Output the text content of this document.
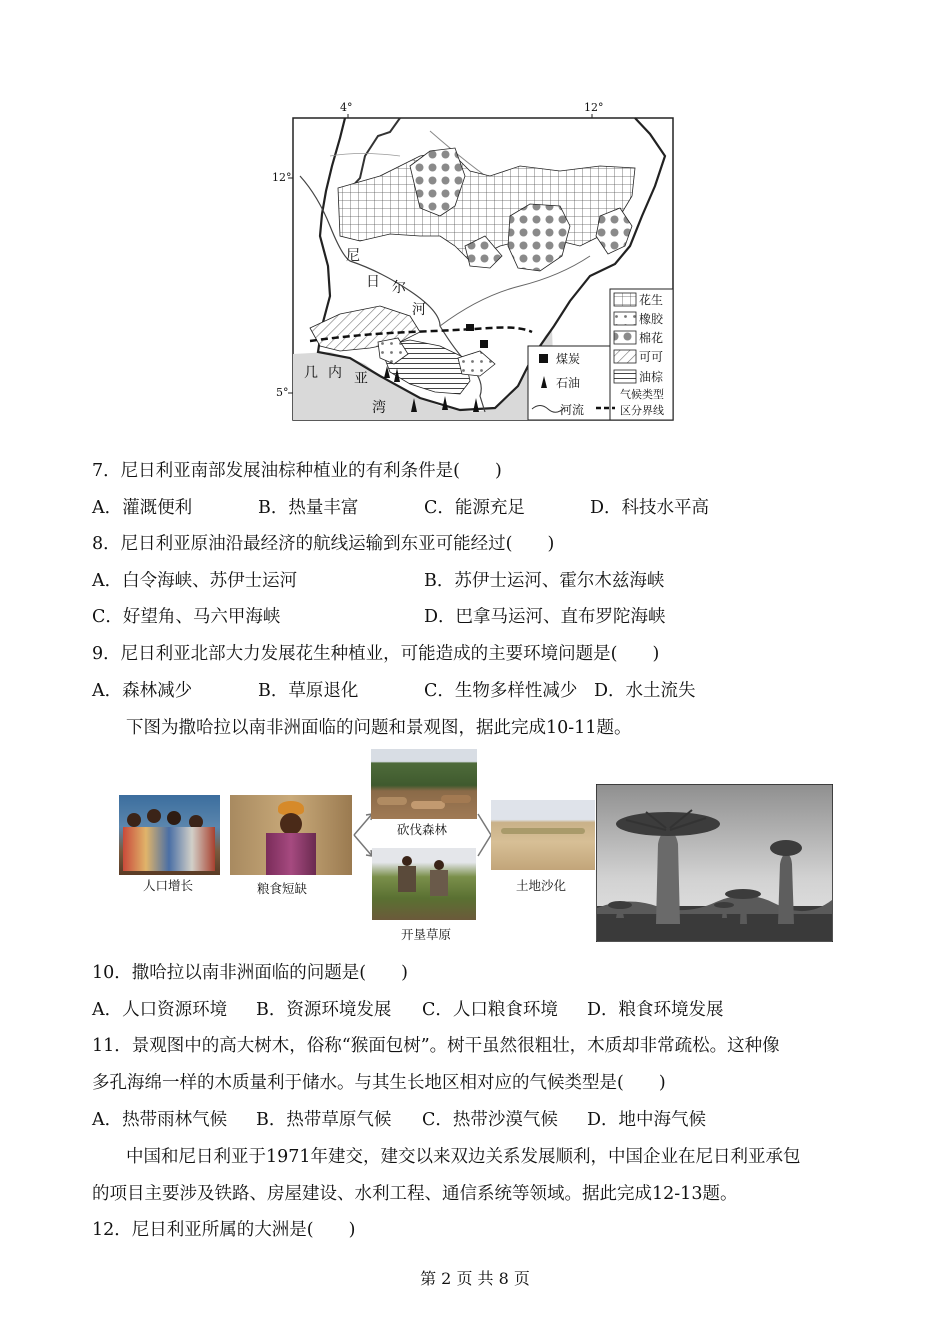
尼
日 尔
河
几 内 亚
湾
4°	12°
12°
5°
花生
橡胶
棉花
可可
油棕
煤炭
石油
河流
气候类型
区分界线
7．尼日利亚南部发展油棕种植业的有利条件是(　　)
A．灌溉便利	B．热量丰富	C．能源充足	D．科技水平高
8．尼日利亚原油沿最经济的航线运输到东亚可能经过(　　)
A．白令海峡、苏伊士运河	B．苏伊士运河、霍尔木兹海峡
C．好望角、马六甲海峡	D．巴拿马运河、直布罗陀海峡
9．尼日利亚北部大力发展花生种植业，可能造成的主要环境问题是(　　)
A．森林减少	B．草原退化	C．生物多样性减少 D．水土流失
下图为撒哈拉以南非洲面临的问题和景观图，据此完成10-11题。
人口增长	粮食短缺
砍伐森林
开垦草原
土地沙化
10．撒哈拉以南非洲面临的问题是(　　)
A．人口资源环境 B．资源环境发展 C．人口粮食环境 D．粮食环境发展
11．景观图中的高大树木，俗称“猴面包树”。树干虽然很粗壮，木质却非常疏松。这种像
多孔海绵一样的木质量利于储水。与其生长地区相对应的气候类型是(　　)
A．热带雨林气候 B．热带草原气候 C．热带沙漠气候 D．地中海气候
中国和尼日利亚于1971年建交，建交以来双边关系发展顺利，中国企业在尼日利亚承包
的项目主要涉及铁路、房屋建设、水利工程、通信系统等领域。据此完成12-13题。
12．尼日利亚所属的大洲是(　　)
第 2 页 共 8 页
